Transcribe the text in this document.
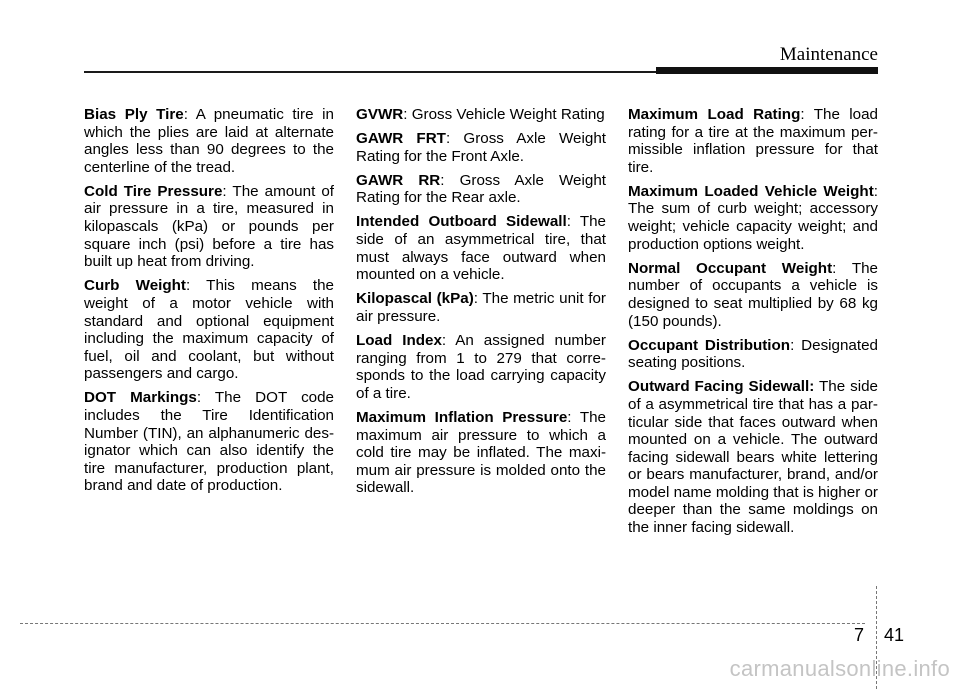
Maintenance

Bias Ply Tire: A pneumatic tire in which the plies are laid at alternate angles less than 90 degrees to the centerline of the tread.

Cold Tire Pressure: The amount of air pressure in a tire, measured in kilopascals (kPa) or pounds per square inch (psi) before a tire has built up heat from driving.

Curb Weight: This means the weight of a motor vehicle with standard and optional equipment including the maximum capacity of fuel, oil and coolant, but without passengers and cargo.

DOT Markings: The DOT code includes the Tire Identification Number (TIN), an alphanumeric des-ignator which can also identify the tire manufacturer, production plant, brand and date of production.

GVWR: Gross Vehicle Weight Rating

GAWR FRT: Gross Axle Weight Rating for the Front Axle.

GAWR RR: Gross Axle Weight Rating for the Rear axle.

Intended Outboard Sidewall: The side of an asymmetrical tire, that must always face outward when mounted on a vehicle.

Kilopascal (kPa): The metric unit for air pressure.

Load Index: An assigned number ranging from 1 to 279 that corre-sponds to the load carrying capacity of a tire.

Maximum Inflation Pressure: The maximum air pressure to which a cold tire may be inflated. The maxi-mum air pressure is molded onto the sidewall.

Maximum Load Rating: The load rating for a tire at the maximum per-missible inflation pressure for that tire.

Maximum Loaded Vehicle Weight: The sum of curb weight; accessory weight; vehicle capacity weight; and production options weight.

Normal Occupant Weight: The number of occupants a vehicle is designed to seat multiplied by 68 kg (150 pounds).

Occupant Distribution: Designated seating positions.

Outward Facing Sidewall: The side of a asymmetrical tire that has a par-ticular side that faces outward when mounted on a vehicle. The outward facing sidewall bears white lettering or bears manufacturer, brand, and/or model name molding that is higher or deeper than the same moldings on the inner facing sidewall.

7 41
carmanualsonline.info
